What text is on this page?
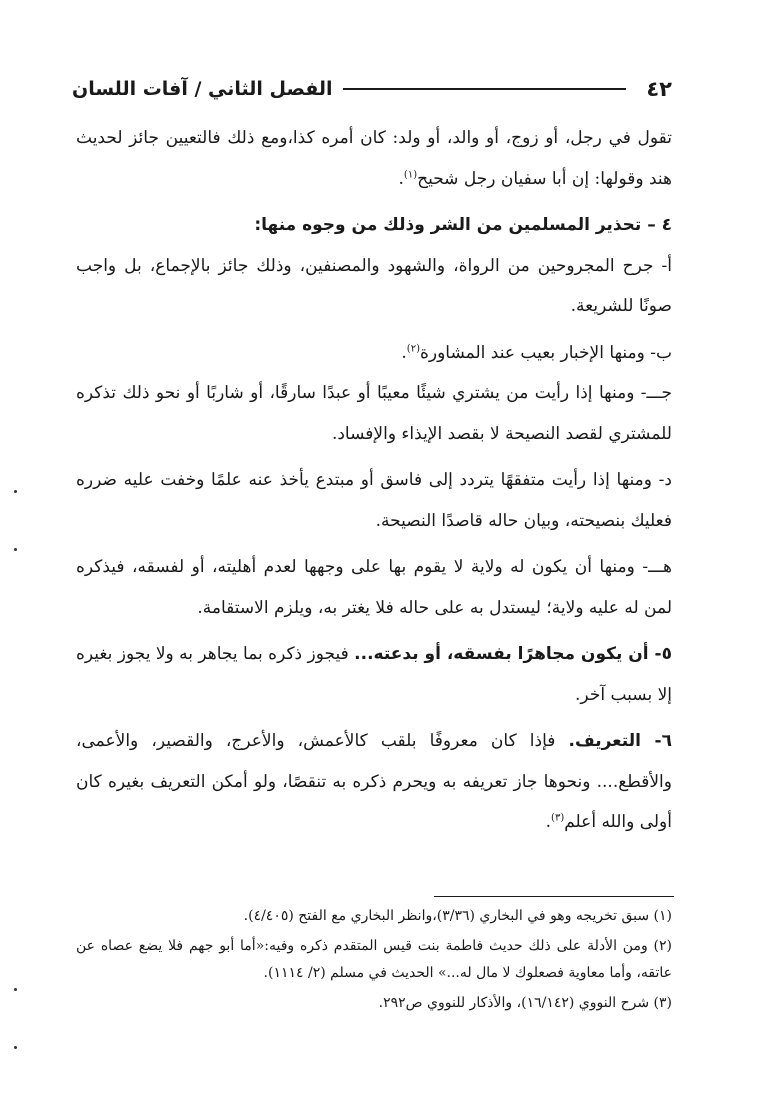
٤٢
الفصل الثاني / آفات اللسان

تقول في رجل، أو زوج، أو والد، أو ولد: كان أمره كذا،ومع ذلك فالتعيين جائز لحديث هند وقولها: إن أبا سفيان رجل شحيح$^{(١)}$.

٤ – تحذير المسلمين من الشر وذلك من وجوه منها:

أ- جرح المجروحين من الرواة، والشهود والمصنفين، وذلك جائز بالإجماع، بل واجب صونًا للشريعة.

ب- ومنها الإخبار بعيب عند المشاورة$^{(٢)}$.

جـــ- ومنها إذا رأيت من يشتري شيئًا معيبًا أو عبدًا سارقًا، أو شاربًا أو نحو ذلك تذكره للمشتري لقصد النصيحة لا بقصد الإيذاء والإفساد.

د- ومنها إذا رأيت متفقهًا يتردد إلى فاسق أو مبتدع يأخذ عنه علمًا وخفت عليه ضرره فعليك بنصيحته، وبيان حاله قاصدًا النصيحة.

هـــ- ومنها أن يكون له ولاية لا يقوم بها على وجهها لعدم أهليته، أو لفسقه، فيذكره لمن له عليه ولاية؛ ليستدل به على حاله فلا يغتر به، ويلزم الاستقامة.

٥- أن يكون مجاهرًا بفسقه، أو بدعته... فيجوز ذكره بما يجاهر به ولا يجوز بغيره إلا بسبب آخر.

٦- التعريف. فإذا كان معروفًا بلقب كالأعمش، والأعرج، والقصير، والأعمى، والأقطع.... ونحوها جاز تعريفه به ويحرم ذكره به تنقصًا، ولو أمكن التعريف بغيره كان أولى والله أعلم$^{(٣)}$.

(١) سبق تخريجه وهو في البخاري (٣/٣٦)،وانظر البخاري مع الفتح (٤/٤٠٥).

(٢) ومن الأدلة على ذلك حديث فاطمة بنت قيس المتقدم ذكره وفيه:«أما أبو جهم فلا يضع عصاه عن عاتقه، وأما معاوية فصعلوك لا مال له...» الحديث في مسلم (٢/ ١١١٤).

(٣) شرح النووي (١٦/١٤٢)، والأذكار للنووي ص٢٩٢.
